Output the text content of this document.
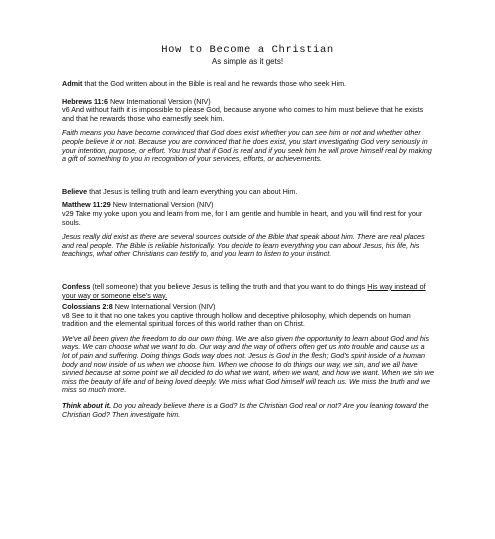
How to Become a Christian
As simple as it gets!

Admit that the God written about in the Bible is real and he rewards those who seek Him.

Hebrews 11:6 New International Version (NIV)

v6 And without faith it is impossible to please God, because anyone who comes to him must believe that he exists and that he rewards those who earnestly seek him.

Faith means you have become convinced that God does exist whether you can see him or not and whether other people believe it or not. Because you are convinced that he does exist, you start investigating God very seriously in your intention, purpose, or effort. You trust that if God is real and if you seek him he will prove himself real by making a gift of something to you in recognition of your services, efforts, or achievements.

Believe that Jesus is telling truth and learn everything you can about Him.

Matthew 11:29 New International Version (NIV)

v29 Take my yoke upon you and learn from me, for I am gentle and humble in heart, and you will find rest for your souls.

Jesus really did exist as there are several sources outside of the Bible that speak about him. There are real places and real people. The Bible is reliable historically. You decide to learn everything you can about Jesus, his life, his teachings, what other Christians can testify to, and you learn to listen to your instinct.

Confess (tell someone) that you believe Jesus is telling the truth and that you want to do things His way instead of your way or someone else's way.

Colossians 2:8 New International Version (NIV)

v8 See to it that no one takes you captive through hollow and deceptive philosophy, which depends on human tradition and the elemental spiritual forces of this world rather than on Christ.

We've all been given the freedom to do our own thing. We are also given the opportunity to learn about God and his ways. We can choose what we want to do. Our way and the way of others often get us into trouble and cause us a lot of pain and suffering. Doing things Gods way does not. Jesus is God in the flesh; God's spirit inside of a human body and now inside of us when we choose him. When we choose to do things our way, we sin, and we all have sinned because at some point we all decided to do what we want, when we want, and how we want. When we sin we miss the beauty of life and of being loved deeply. We miss what God himself will teach us. We miss the truth and we miss so much more.

Think about it. Do you already believe there is a God? Is the Christian God real or not? Are you leaning toward the Christian God? Then investigate him.
